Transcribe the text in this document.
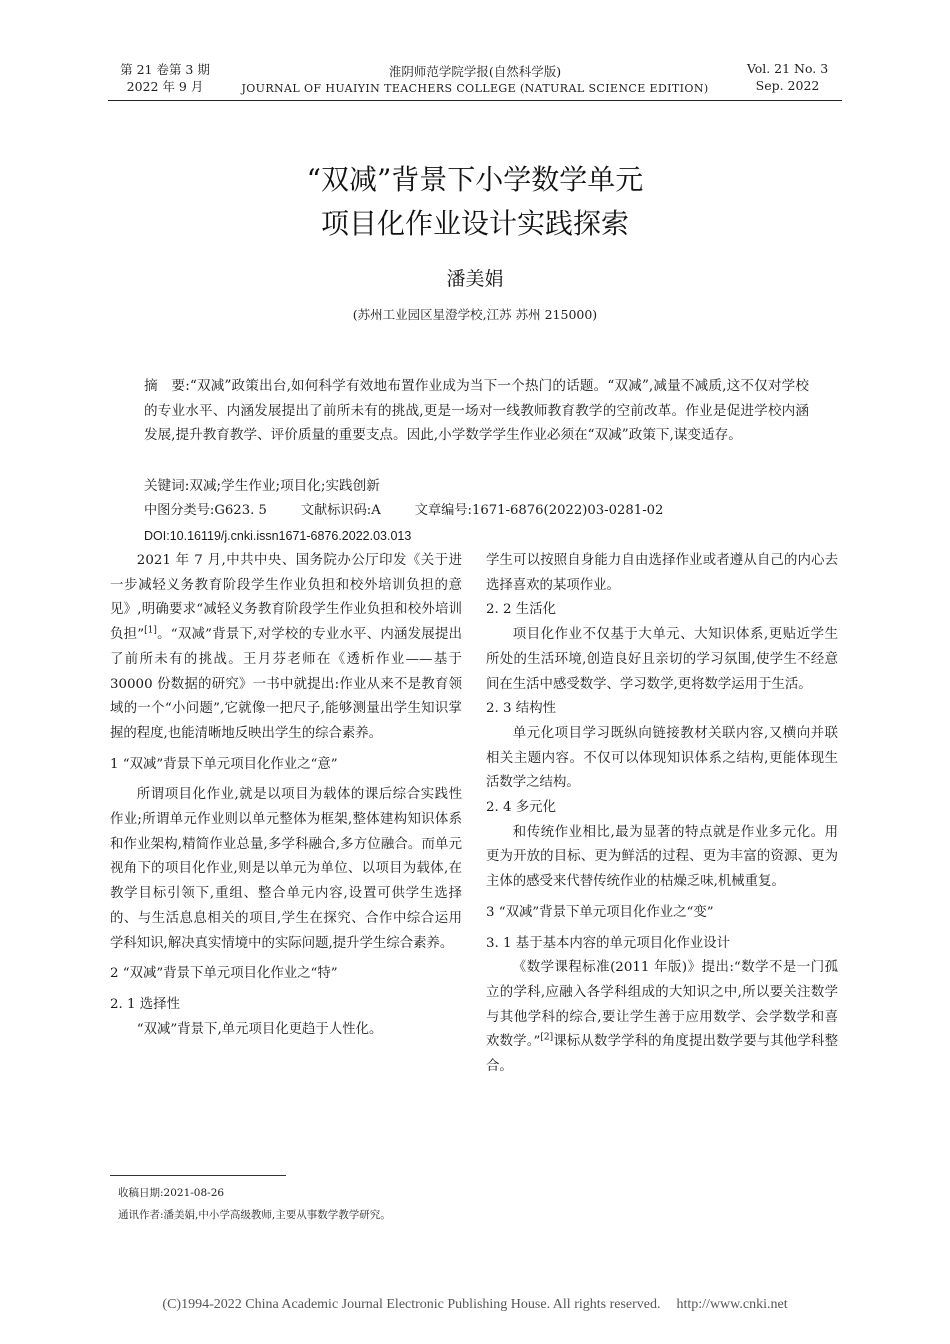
第 21 卷第 3 期
2022 年 9 月
淮阴师范学院学报(自然科学版)
JOURNAL OF HUAIYIN TEACHERS COLLEGE (NATURAL SCIENCE EDITION)
Vol. 21 No. 3
Sep. 2022
“双减”背景下小学数学单元
项目化作业设计实践探索
潘美娟
(苏州工业园区星澄学校,江苏 苏州 215000)
摘　要:“双减”政策出台,如何科学有效地布置作业成为当下一个热门的话题。“双减”,减量不减质,这不仅对学校的专业水平、内涵发展提出了前所未有的挑战,更是一场对一线教师教育教学的空前改革。作业是促进学校内涵发展,提升教育教学、评价质量的重要支点。因此,小学数学学生作业必须在“双减”政策下,谋变适存。
关键词:双减;学生作业;项目化;实践创新
中图分类号:G623. 5	文献标识码:A	文章编号:1671-6876(2022)03-0281-02
DOI:10.16119/j.cnki.issn1671-6876.2022.03.013

2021 年 7 月,中共中央、国务院办公厅印发《关于进一步减轻义务教育阶段学生作业负担和校外培训负担的意见》,明确要求“减轻义务教育阶段学生作业负担和校外培训负担”[1]。“双减”背景下,对学校的专业水平、内涵发展提出了前所未有的挑战。王月芬老师在《透析作业——基于30000 份数据的研究》一书中就提出:作业从来不是教育领域的一个“小问题”,它就像一把尺子,能够测量出学生知识掌握的程度,也能清晰地反映出学生的综合素养。

1 “双减”背景下单元项目化作业之“意”

所谓项目化作业,就是以项目为载体的课后综合实践性作业;所谓单元作业则以单元整体为框架,整体建构知识体系和作业架构,精简作业总量,多学科融合,多方位融合。而单元视角下的项目化作业,则是以单元为单位、以项目为载体,在教学目标引领下,重组、整合单元内容,设置可供学生选择的、与生活息息相关的项目,学生在探究、合作中综合运用学科知识,解决真实情境中的实际问题,提升学生综合素养。

2 “双减”背景下单元项目化作业之“特”
2. 1 选择性

“双减”背景下,单元项目化更趋于人性化。

学生可以按照自身能力自由选择作业或者遵从自己的内心去选择喜欢的某项作业。

2. 2 生活化

项目化作业不仅基于大单元、大知识体系,更贴近学生所处的生活环境,创造良好且亲切的学习氛围,使学生不经意间在生活中感受数学、学习数学,更将数学运用于生活。

2. 3 结构性

单元化项目学习既纵向链接教材关联内容,又横向并联相关主题内容。不仅可以体现知识体系之结构,更能体现生活数学之结构。

2. 4 多元化

和传统作业相比,最为显著的特点就是作业多元化。用更为开放的目标、更为鲜活的过程、更为丰富的资源、更为主体的感受来代替传统作业的枯燥乏味,机械重复。

3 “双减”背景下单元项目化作业之“变”
3. 1 基于基本内容的单元项目化作业设计

《数学课程标准(2011 年版)》提出:“数学不是一门孤立的学科,应融入各学科组成的大知识之中,所以要关注数学与其他学科的综合,要让学生善于应用数学、会学数学和喜欢数学。”[2]课标从数学学科的角度提出数学要与其他学科整合。

收稿日期:2021-08-26
通讯作者:潘美娟,中小学高级教师,主要从事数学教学研究。
(C)1994-2022 China Academic Journal Electronic Publishing House. All rights reserved. http://www.cnki.net
